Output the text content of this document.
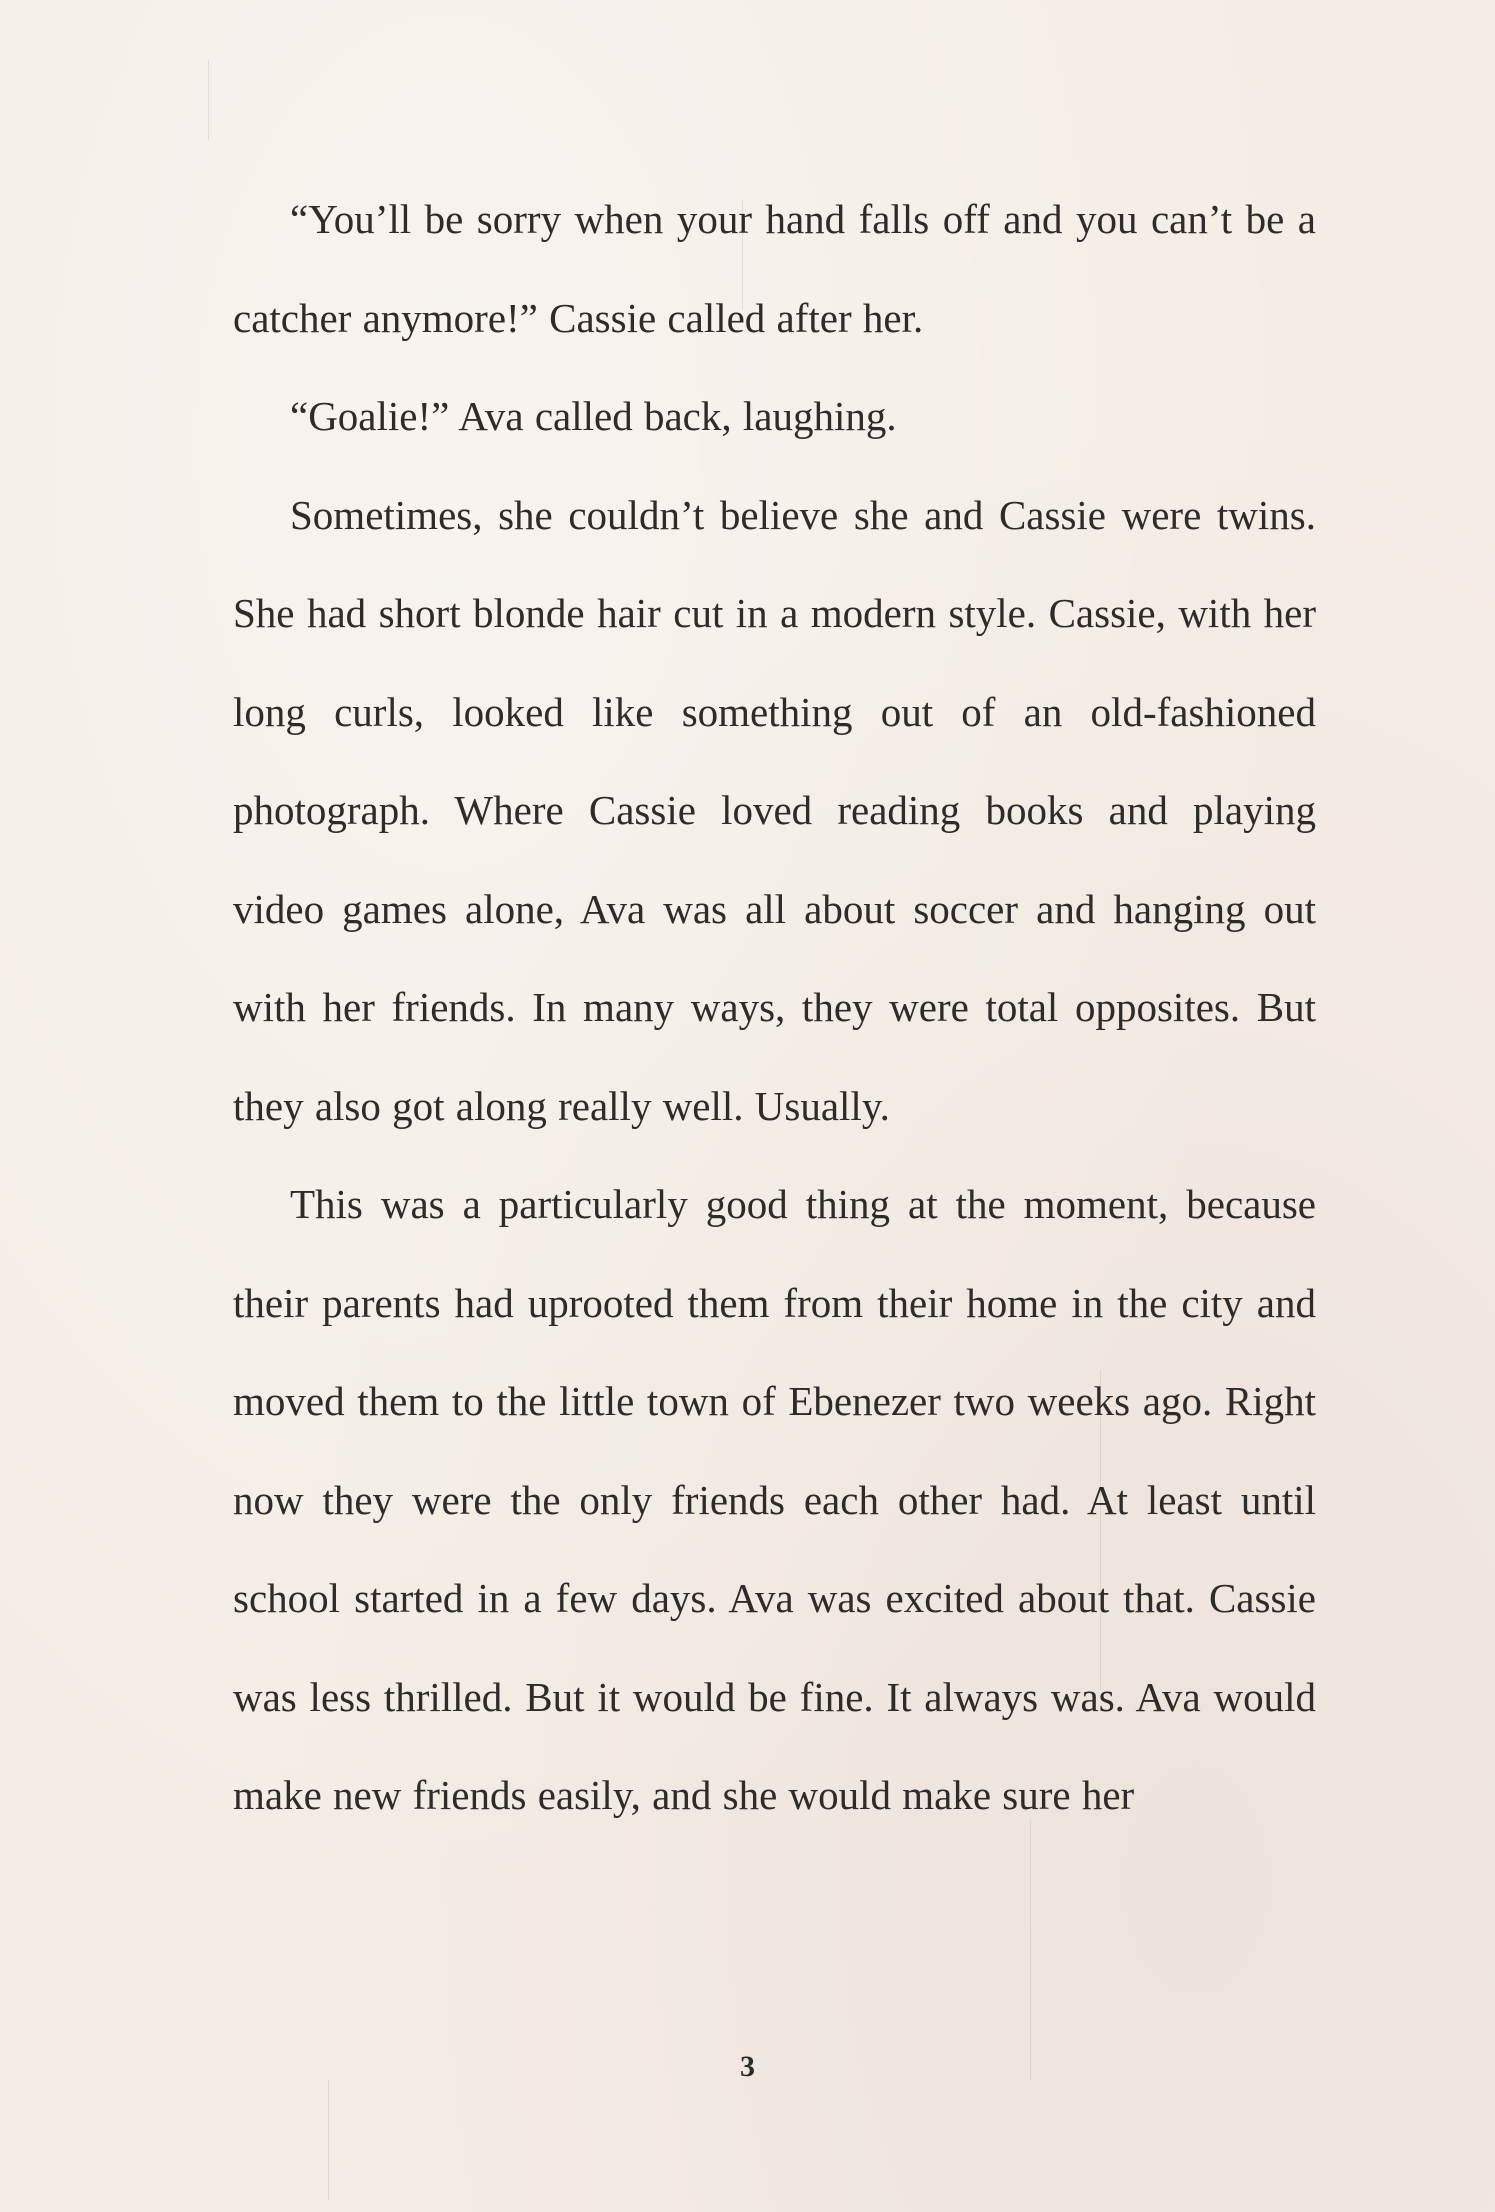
“You’ll be sorry when your hand falls off and you can’t be a catcher anymore!” Cassie called after her.

“Goalie!” Ava called back, laughing.

Sometimes, she couldn’t believe she and Cassie were twins. She had short blonde hair cut in a modern style. Cassie, with her long curls, looked like something out of an old-fashioned photograph. Where Cassie loved reading books and playing video games alone, Ava was all about soccer and hanging out with her friends. In many ways, they were total opposites. But they also got along really well. Usually.

This was a particularly good thing at the moment, because their parents had uprooted them from their home in the city and moved them to the little town of Ebenezer two weeks ago. Right now they were the only friends each other had. At least until school started in a few days. Ava was excited about that. Cassie was less thrilled. But it would be fine. It always was. Ava would make new friends easily, and she would make sure her

3
